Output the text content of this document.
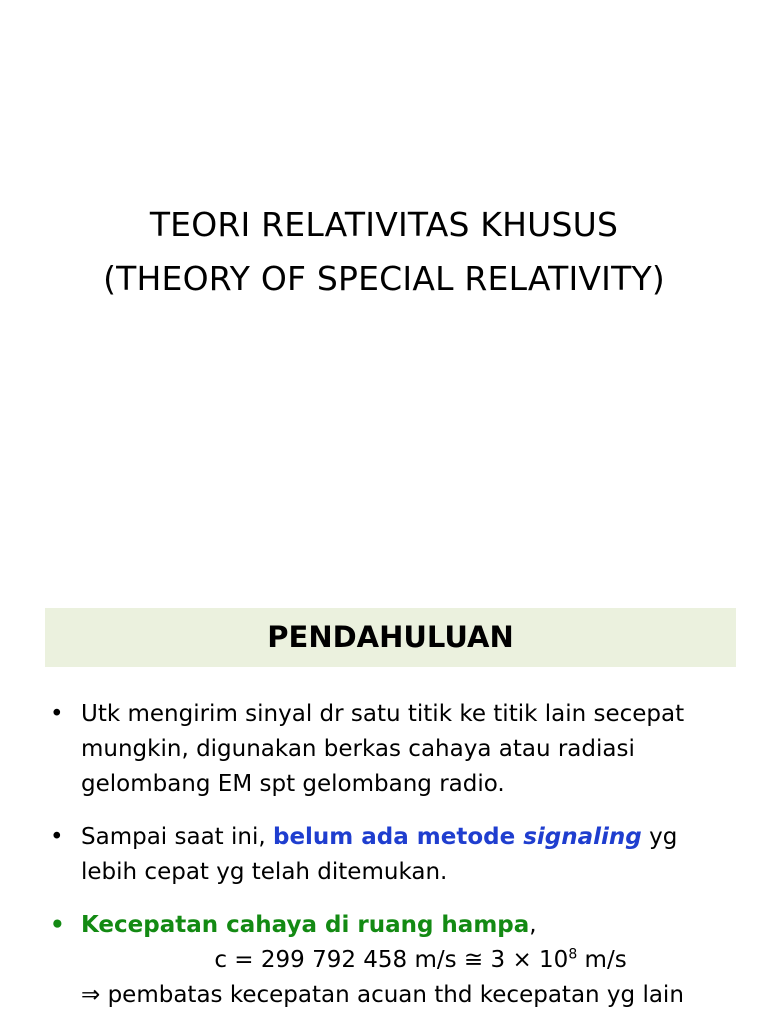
TEORI RELATIVITAS KHUSUS
(THEORY OF SPECIAL RELATIVITY)
PENDAHULUAN
• Utk mengirim sinyal dr satu titik ke titik lain secepat mungkin, digunakan berkas cahaya atau radiasi gelombang EM spt gelombang radio.
• Sampai saat ini, belum ada metode signaling yg
lebih cepat yg telah ditemukan.
• Kecepatan cahaya di ruang hampa,
c = 299 792 458 m/s ≅ $3 \times 10^8$ m/s
⇒ pembatas kecepatan acuan thd kecepatan yg lain
